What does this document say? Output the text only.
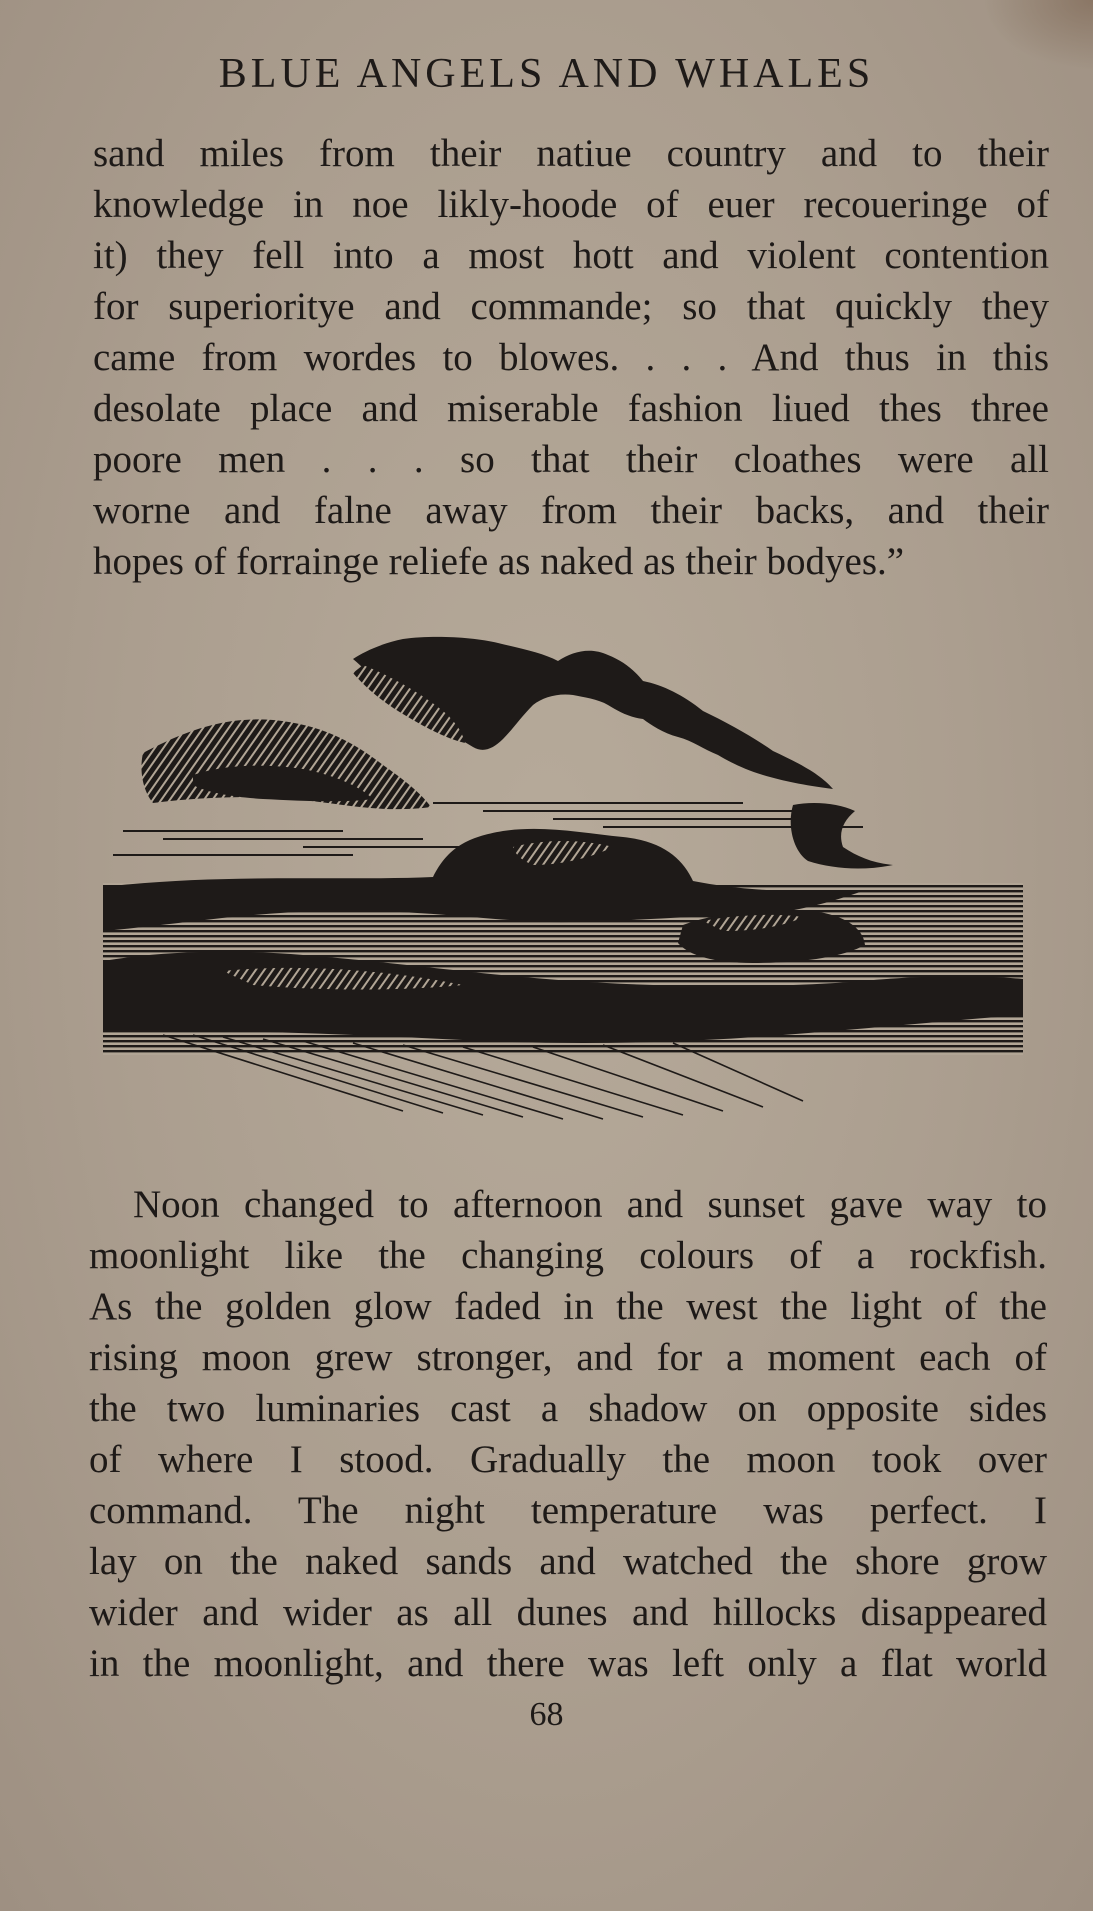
BLUE ANGELS AND WHALES

sand miles from their natiue country and to their
knowledge in noe likly-hoode of euer recoueringe of
it) they fell into a most hott and violent contention
for superioritye and commande; so that quickly they
came from wordes to blowes. . . . And thus in this
desolate place and miserable fashion liued thes three
poore men . . . so that their cloathes were all
worne and falne away from their backs, and their
hopes of forrainge reliefe as naked as their bodyes.”

Noon changed to afternoon and sunset gave way to
moonlight like the changing colours of a rockfish.
As the golden glow faded in the west the light of the
rising moon grew stronger, and for a moment each of
the two luminaries cast a shadow on opposite sides
of where I stood. Gradually the moon took over
command. The night temperature was perfect. I
lay on the naked sands and watched the shore grow
wider and wider as all dunes and hillocks disappeared
in the moonlight, and there was left only a flat world

68
